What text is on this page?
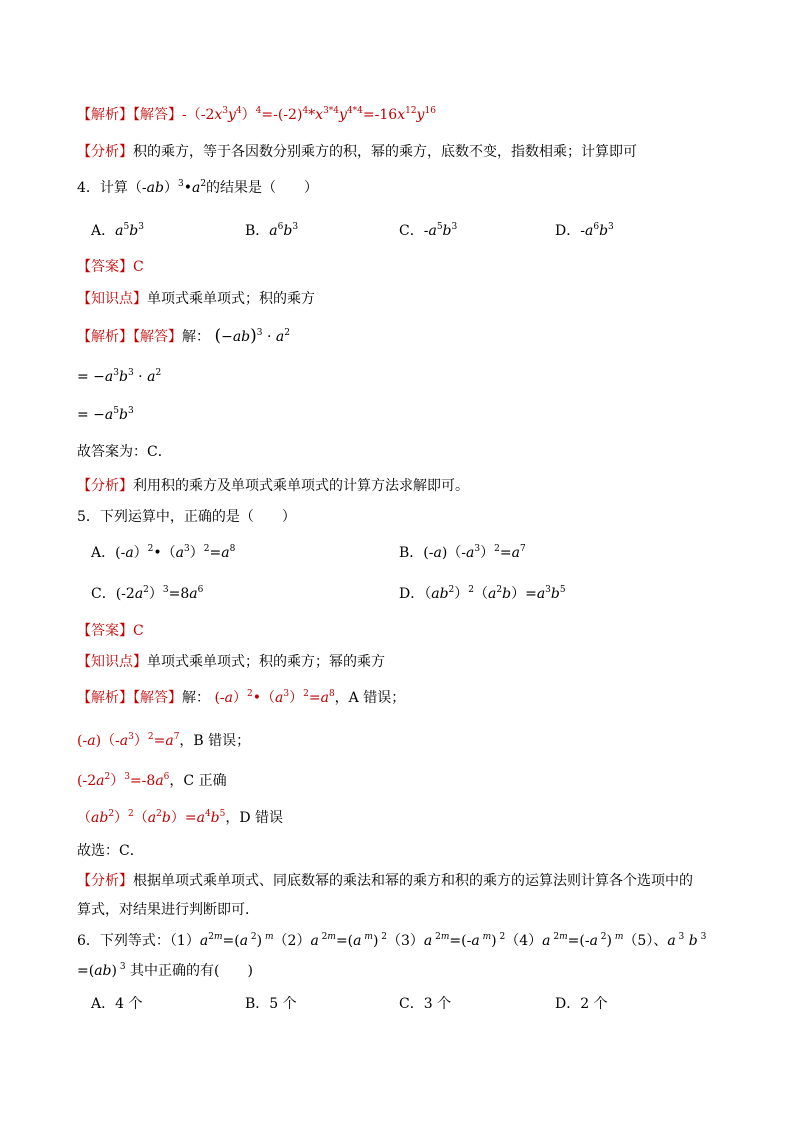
【解析】【解答】$-(-2x^3y^4)^4=-(-2)^4*x^{3*4}y^{4*4}=-16x^{12}y^{16}$
【分析】积的乘方，等于各因数分别乘方的积，幂的乘方，底数不变，指数相乘；计算即可
4．计算$(-ab)^3•a^2$的结果是（　　）
A．$a^5b^3$	B．$a^6b^3$	C．$-a^5b^3$	D．$-a^6b^3$
【答案】C
【知识点】单项式乘单项式；积的乘方
【解析】【解答】解： $(-ab)^3 \cdot a^2$
= $-a^3b^3 \cdot a^2$
= $-a^5b^3$
故答案为：C．
【分析】利用积的乘方及单项式乘单项式的计算方法求解即可。
5．下列运算中，正确的是（　　）
A．$(-a)^2•(a^3)^2=a^8$	B．$(-a)(-a^3)^2=a^7$
C．$(-2a^2)^3=8a^6$	D．$(ab^2)^2(a^2b)=a^3b^5$
【答案】C
【知识点】单项式乘单项式；积的乘方；幂的乘方
【解析】【解答】解： $(-a)^2•(a^3)^2=a^8$，A 错误；
$(-a)(-a^3)^2=a^7$，B 错误；
$(-2a^2)^3=-8a^6$，C 正确
$(ab^2)^2(a^2b)=a^4b^5$，D 错误
故选：C．
【分析】根据单项式乘单项式、同底数幂的乘法和幂的乘方和积的乘方的运算法则计算各个选项中的
算式，对结果进行判断即可．
6．下列等式：$(1)a^{2m}=(a$ $^2$) $^m$（2）a $^{2m}$=(a $^m$) $^2$（3）a $^{2m}$=(-a $^m$) $^2$（4）a $^{2m}$=(-a $^2$) $^m$（5）、a $^3$ b $^3$
=(ab) $^3$ 其中正确的有(　　)
A．4 个	B．5 个	C．3 个	D．2 个
